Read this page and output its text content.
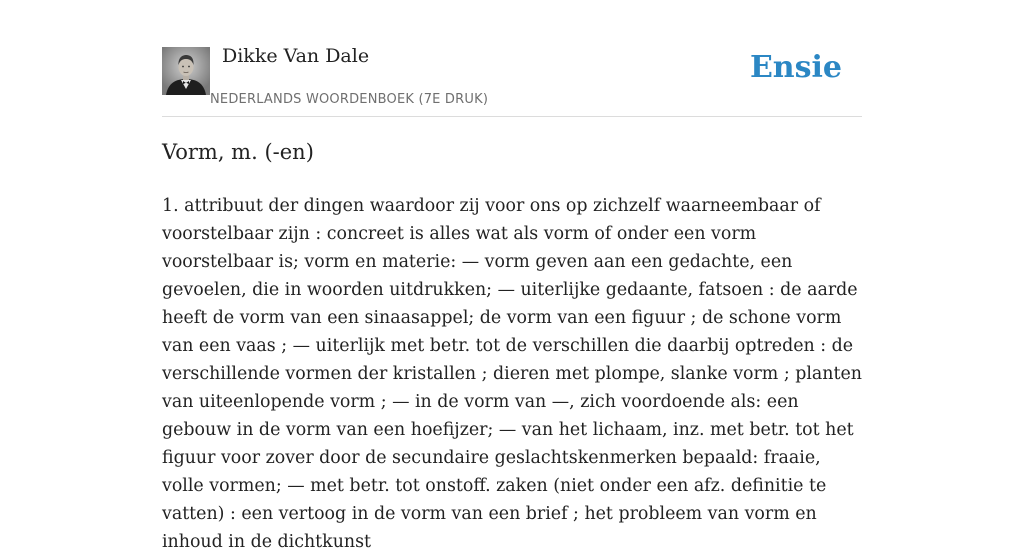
Dikke Van Dale
NEDERLANDS WOORDENBOEK (7E DRUK)
Ensie
Vorm, m. (-en)

1. attribuut der dingen waardoor zij voor ons op zichzelf waarneembaar of voorstelbaar zijn : concreet is alles wat als vorm of onder een vorm voorstelbaar is; vorm en materie: — vorm geven aan een gedachte, een gevoelen, die in woorden uitdrukken; — uiterlijke gedaante, fatsoen : de aarde heeft de vorm van een sinaasappel; de vorm van een figuur ; de schone vorm van een vaas ; — uiterlijk met betr. tot de verschillen die daarbij optreden : de verschillende vormen der kristallen ; dieren met plompe, slanke vorm ; planten van uiteenlopende vorm ; — in de vorm van —, zich voordoende als: een gebouw in de vorm van een hoefijzer; — van het lichaam, inz. met betr. tot het figuur voor zover door de secundaire geslachtskenmerken bepaald: fraaie, volle vormen; — met betr. tot onstoff. zaken (niet onder een afz. definitie te vatten) : een vertoog in de vorm van een brief ; het probleem van vorm en inhoud in de dichtkunst
